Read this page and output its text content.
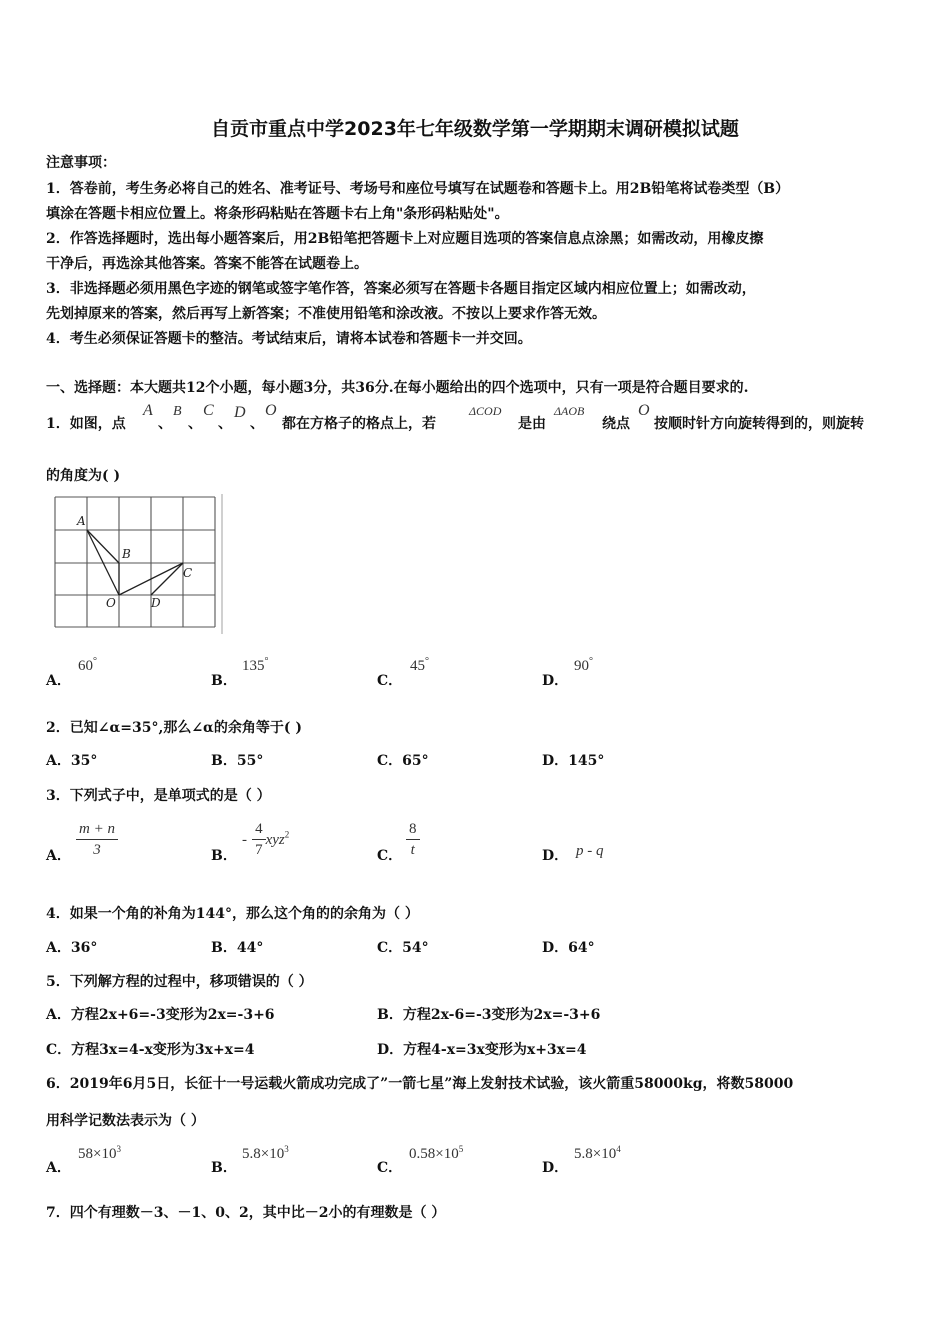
自贡市重点中学2023年七年级数学第一学期期末调研模拟试题
注意事项：
1．答卷前，考生务必将自己的姓名、准考证号、考场号和座位号填写在试题卷和答题卡上。用2B铅笔将试卷类型（B）
填涂在答题卡相应位置上。将条形码粘贴在答题卡右上角"条形码粘贴处"。
2．作答选择题时，选出每小题答案后，用2B铅笔把答题卡上对应题目选项的答案信息点涂黑；如需改动，用橡皮擦
干净后，再选涂其他答案。答案不能答在试题卷上。
3．非选择题必须用黑色字迹的钢笔或签字笔作答，答案必须写在答题卡各题目指定区域内相应位置上；如需改动，
先划掉原来的答案，然后再写上新答案；不准使用铅笔和涂改液。不按以上要求作答无效。
4．考生必须保证答题卡的整洁。考试结束后，请将本试卷和答题卡一并交回。
一、选择题：本大题共12个小题，每小题3分，共36分.在每小题给出的四个选项中，只有一项是符合题目要求的.
1．如图，点
A
、
B
、
C
、
D
、
O
都在方格子的格点上，若
ΔCOD
是由
ΔAOB
绕点
O
按顺时针方向旋转得到的，则旋转
的角度为( )
A
B
C
O	D
A．
60°
B．
135°
C．
45°
D．
90°
2．已知∠α=35°,那么∠α的余角等于( )
A．35°	B．55°	C．65°	D．145°
3．下列式子中，是单项式的是（ ）
A． $\frac{m + n}{3}$	B．
- $\frac{4}{7} xyz^2$
C． $\frac{8}{t}$	D． p - q
4．如果一个角的补角为144°，那么这个角的的余角为（ ）
A．36°	B．44°	C．54°	D．64°
5．下列解方程的过程中，移项错误的（ ）
A．方程2x+6=-3变形为2x=-3+6	B．方程2x-6=-3变形为2x=-3+6
C．方程3x=4-x变形为3x+x=4	D．方程4-x=3x变形为x+3x=4
6．2019年6月5日，长征十一号运载火箭成功完成了”一箭七星”海上发射技术试验，该火箭重58000kg，将数58000
用科学记数法表示为（ ）
A．
$58\times 10^3$
B．
$5.8\times 10^3$
C．
$0.58\times 10^5$
D．
$5.8\times 10^4$
7．四个有理数－3、－1、0、2，其中比－2小的有理数是（ ）
